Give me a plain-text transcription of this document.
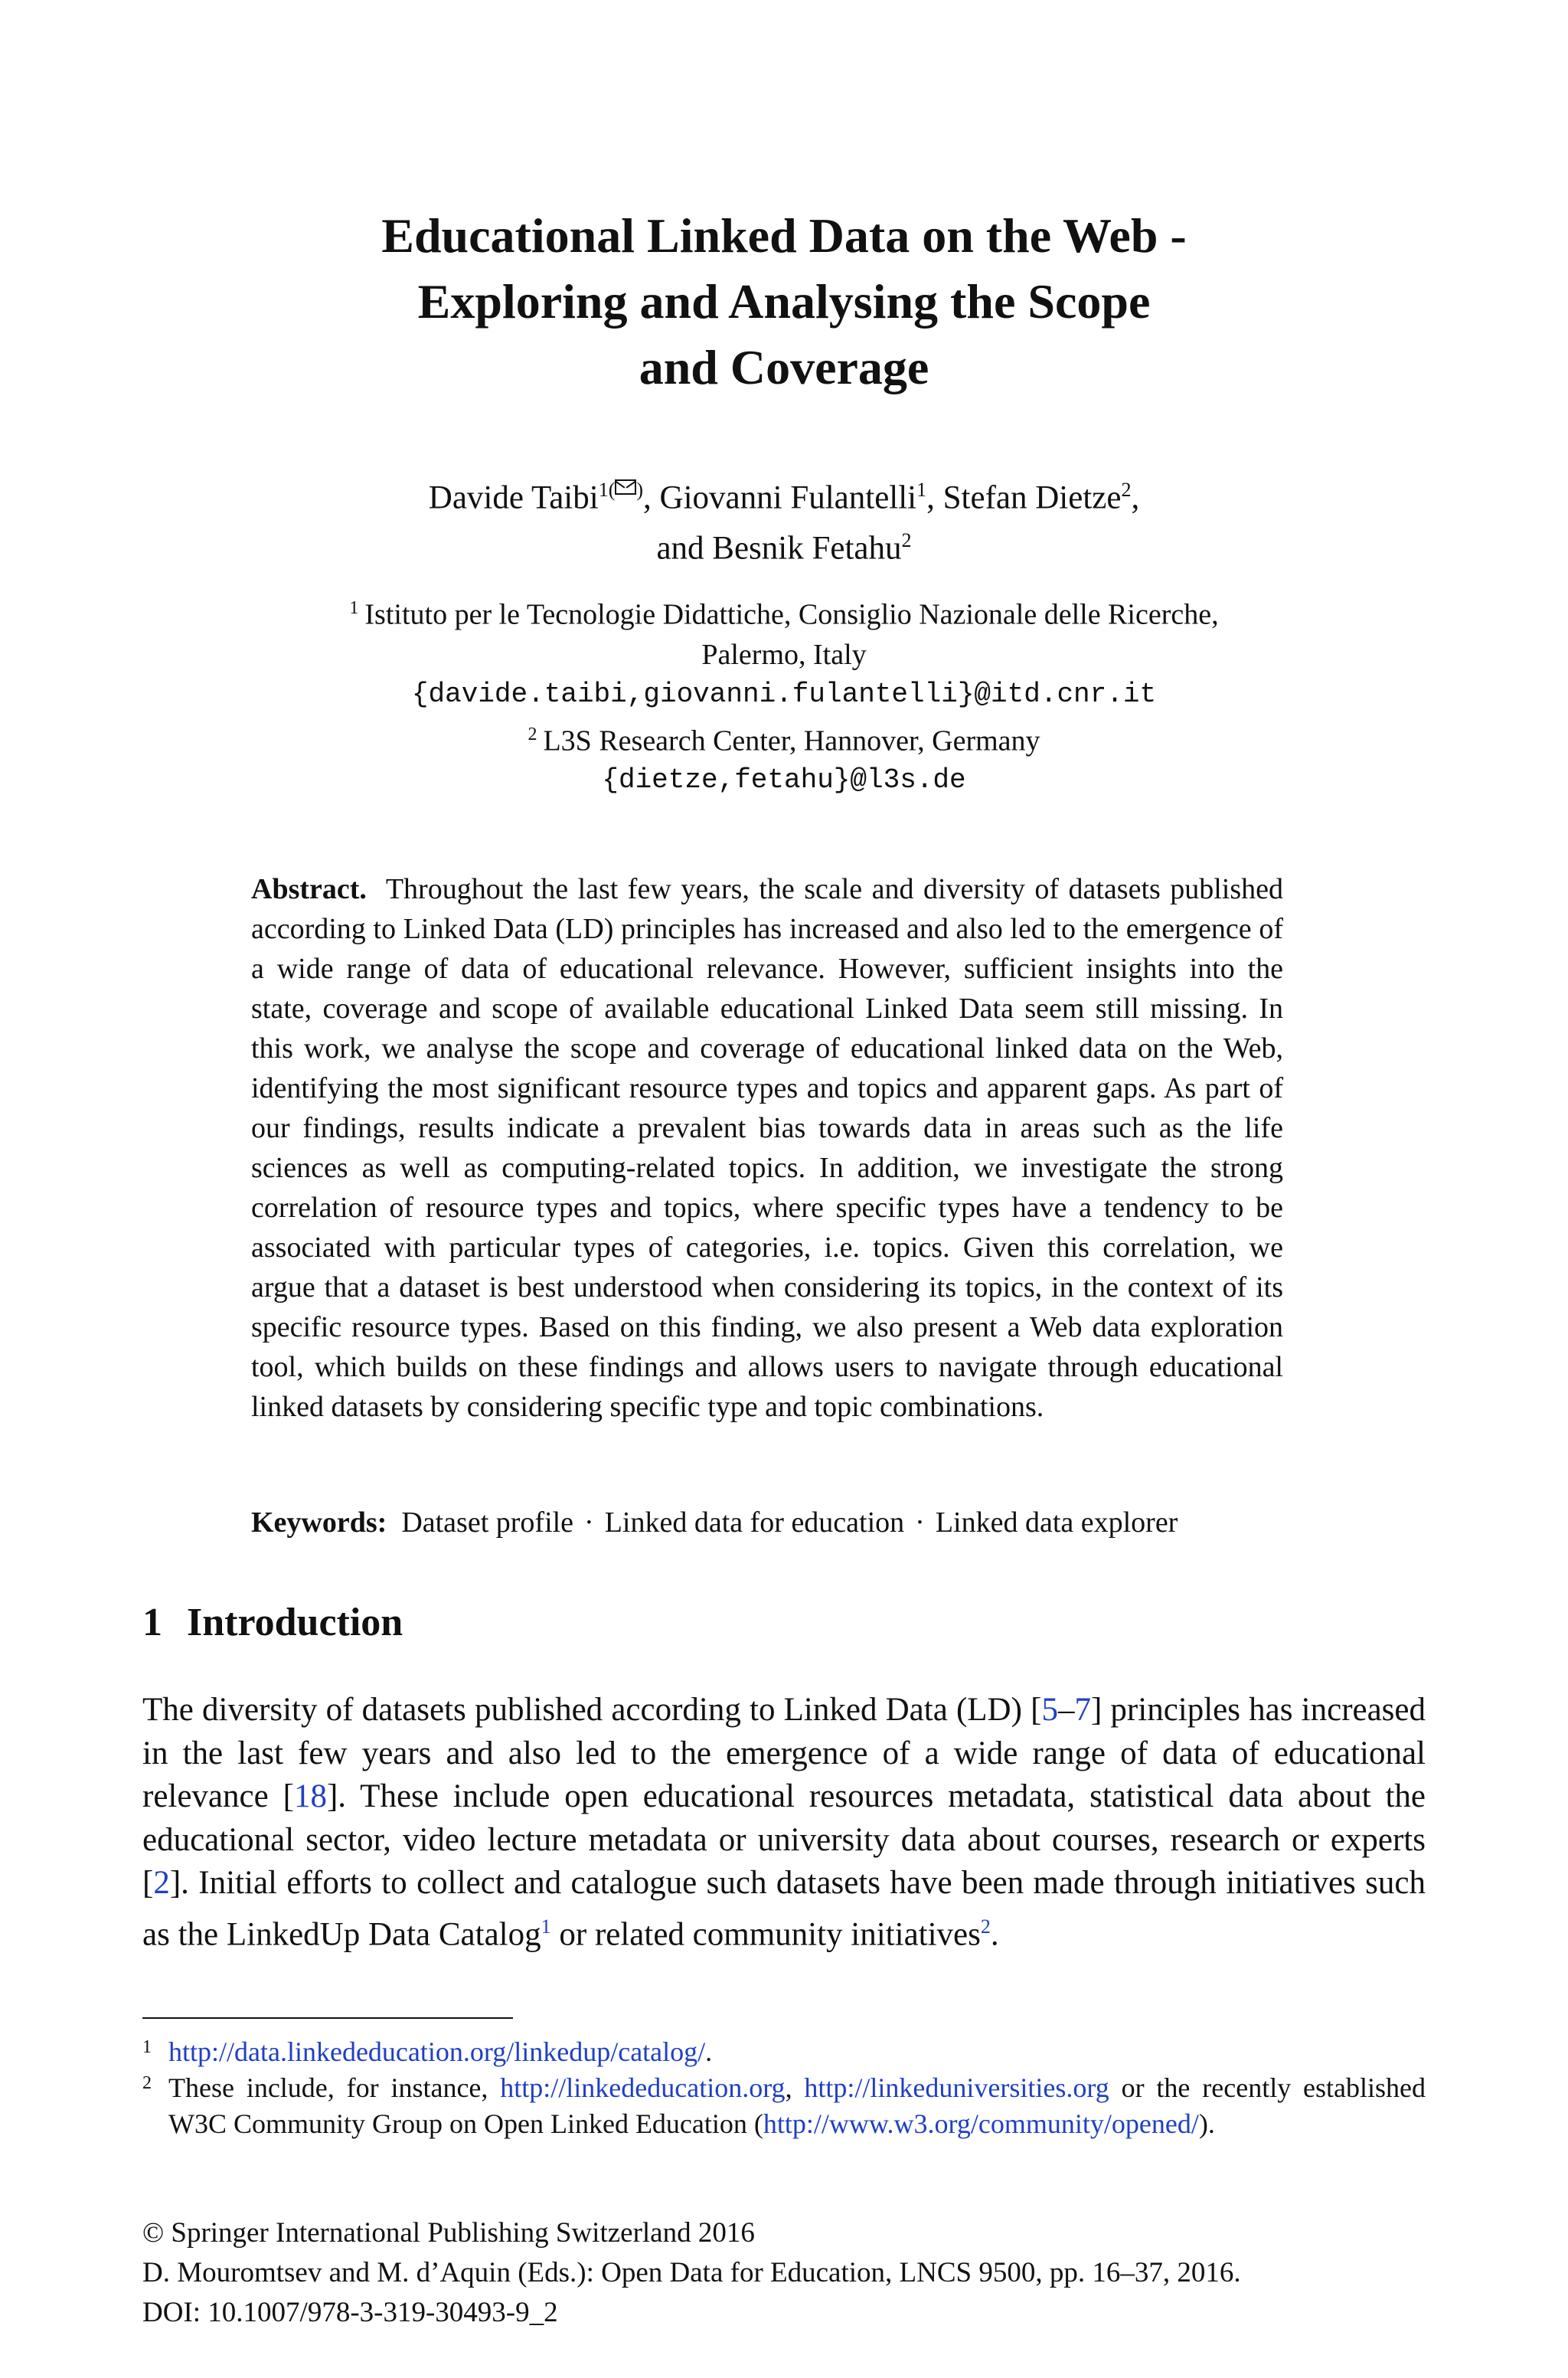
Educational Linked Data on the Web -
Exploring and Analysing the Scope
and Coverage
Davide Taibi$^{1( )}$, Giovanni Fulantelli$^1$, Stefan Dietze$^2$,
and Besnik Fetahu$^2$
$^1$ Istituto per le Tecnologie Didattiche, Consiglio Nazionale delle Ricerche,
Palermo, Italy
{davide.taibi,giovanni.fulantelli}@itd.cnr.it
$^2$ L3S Research Center, Hannover, Germany
{dietze,fetahu}@l3s.de
Abstract. Throughout the last few years, the scale and diversity of datasets published according to Linked Data (LD) principles has increased and also led to the emergence of a wide range of data of educational relevance. However, sufficient insights into the state, coverage and scope of available educational Linked Data seem still missing. In this work, we analyse the scope and coverage of educational linked data on the Web, identifying the most significant resource types and topics and apparent gaps. As part of our findings, results indicate a prevalent bias towards data in areas such as the life sciences as well as computing-related topics. In addition, we investigate the strong correlation of resource types and topics, where specific types have a tendency to be associated with particular types of categories, i.e. topics. Given this correlation, we argue that a dataset is best understood when considering its topics, in the context of its specific resource types. Based on this finding, we also present a Web data exploration tool, which builds on these findings and allows users to navigate through educational linked datasets by considering specific type and topic combinations.
Keywords: Dataset profile · Linked data for education · Linked data explorer
1 Introduction
The diversity of datasets published according to Linked Data (LD) [5–7] principles has increased in the last few years and also led to the emergence of a wide range of data of educational relevance [18]. These include open educational resources metadata, statistical data about the educational sector, video lecture metadata or university data about courses, research or experts [2]. Initial efforts to collect and catalogue such datasets have been made through initiatives such as the LinkedUp Data Catalog$^1$ or related community initiatives$^2$.
1 http://data.linkededucation.org/linkedup/catalog/.
2 These include, for instance, http://linkededucation.org, http://linkeduniversities.org or the recently established W3C Community Group on Open Linked Education (http://www.w3.org/community/opened/).
© Springer International Publishing Switzerland 2016
D. Mouromtsev and M. d’Aquin (Eds.): Open Data for Education, LNCS 9500, pp. 16–37, 2016.
DOI: 10.1007/978-3-319-30493-9_2
